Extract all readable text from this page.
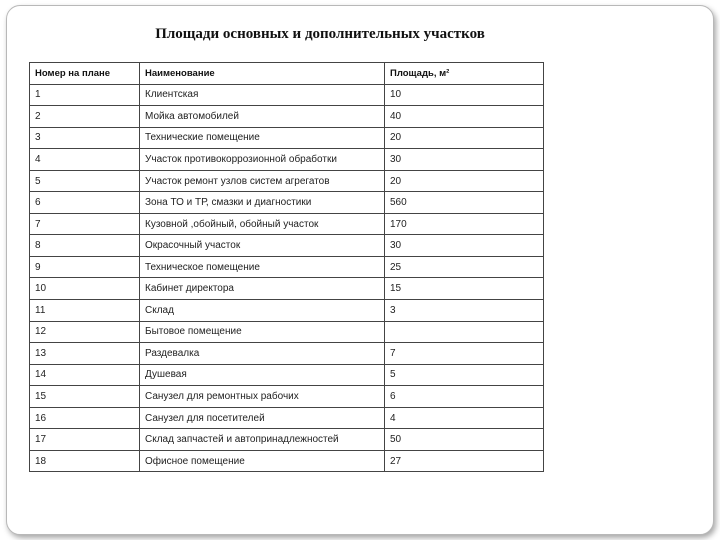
Площади основных и дополнительных участков
Номер на плане	Наименование	Площадь, м²
1	Клиентская	10
2	Мойка автомобилей	40
3	Технические помещение	20
4	Участок противокоррозионной обработки	30
5	Участок ремонт узлов систем агрегатов	20
6	Зона ТО и ТР, смазки и диагностики	560
7	Кузовной ,обойный, обойный участок	170
8	Окрасочный участок	30
9	Техническое помещение	25
10	Кабинет директора	15
11	Склад	3
12	Бытовое помещение	
13	Раздевалка	7
14	Душевая	5
15	Санузел для ремонтных рабочих	6
16	Санузел для посетителей	4
17	Склад запчастей и автопринадлежностей	50
18	Офисное помещение	27
